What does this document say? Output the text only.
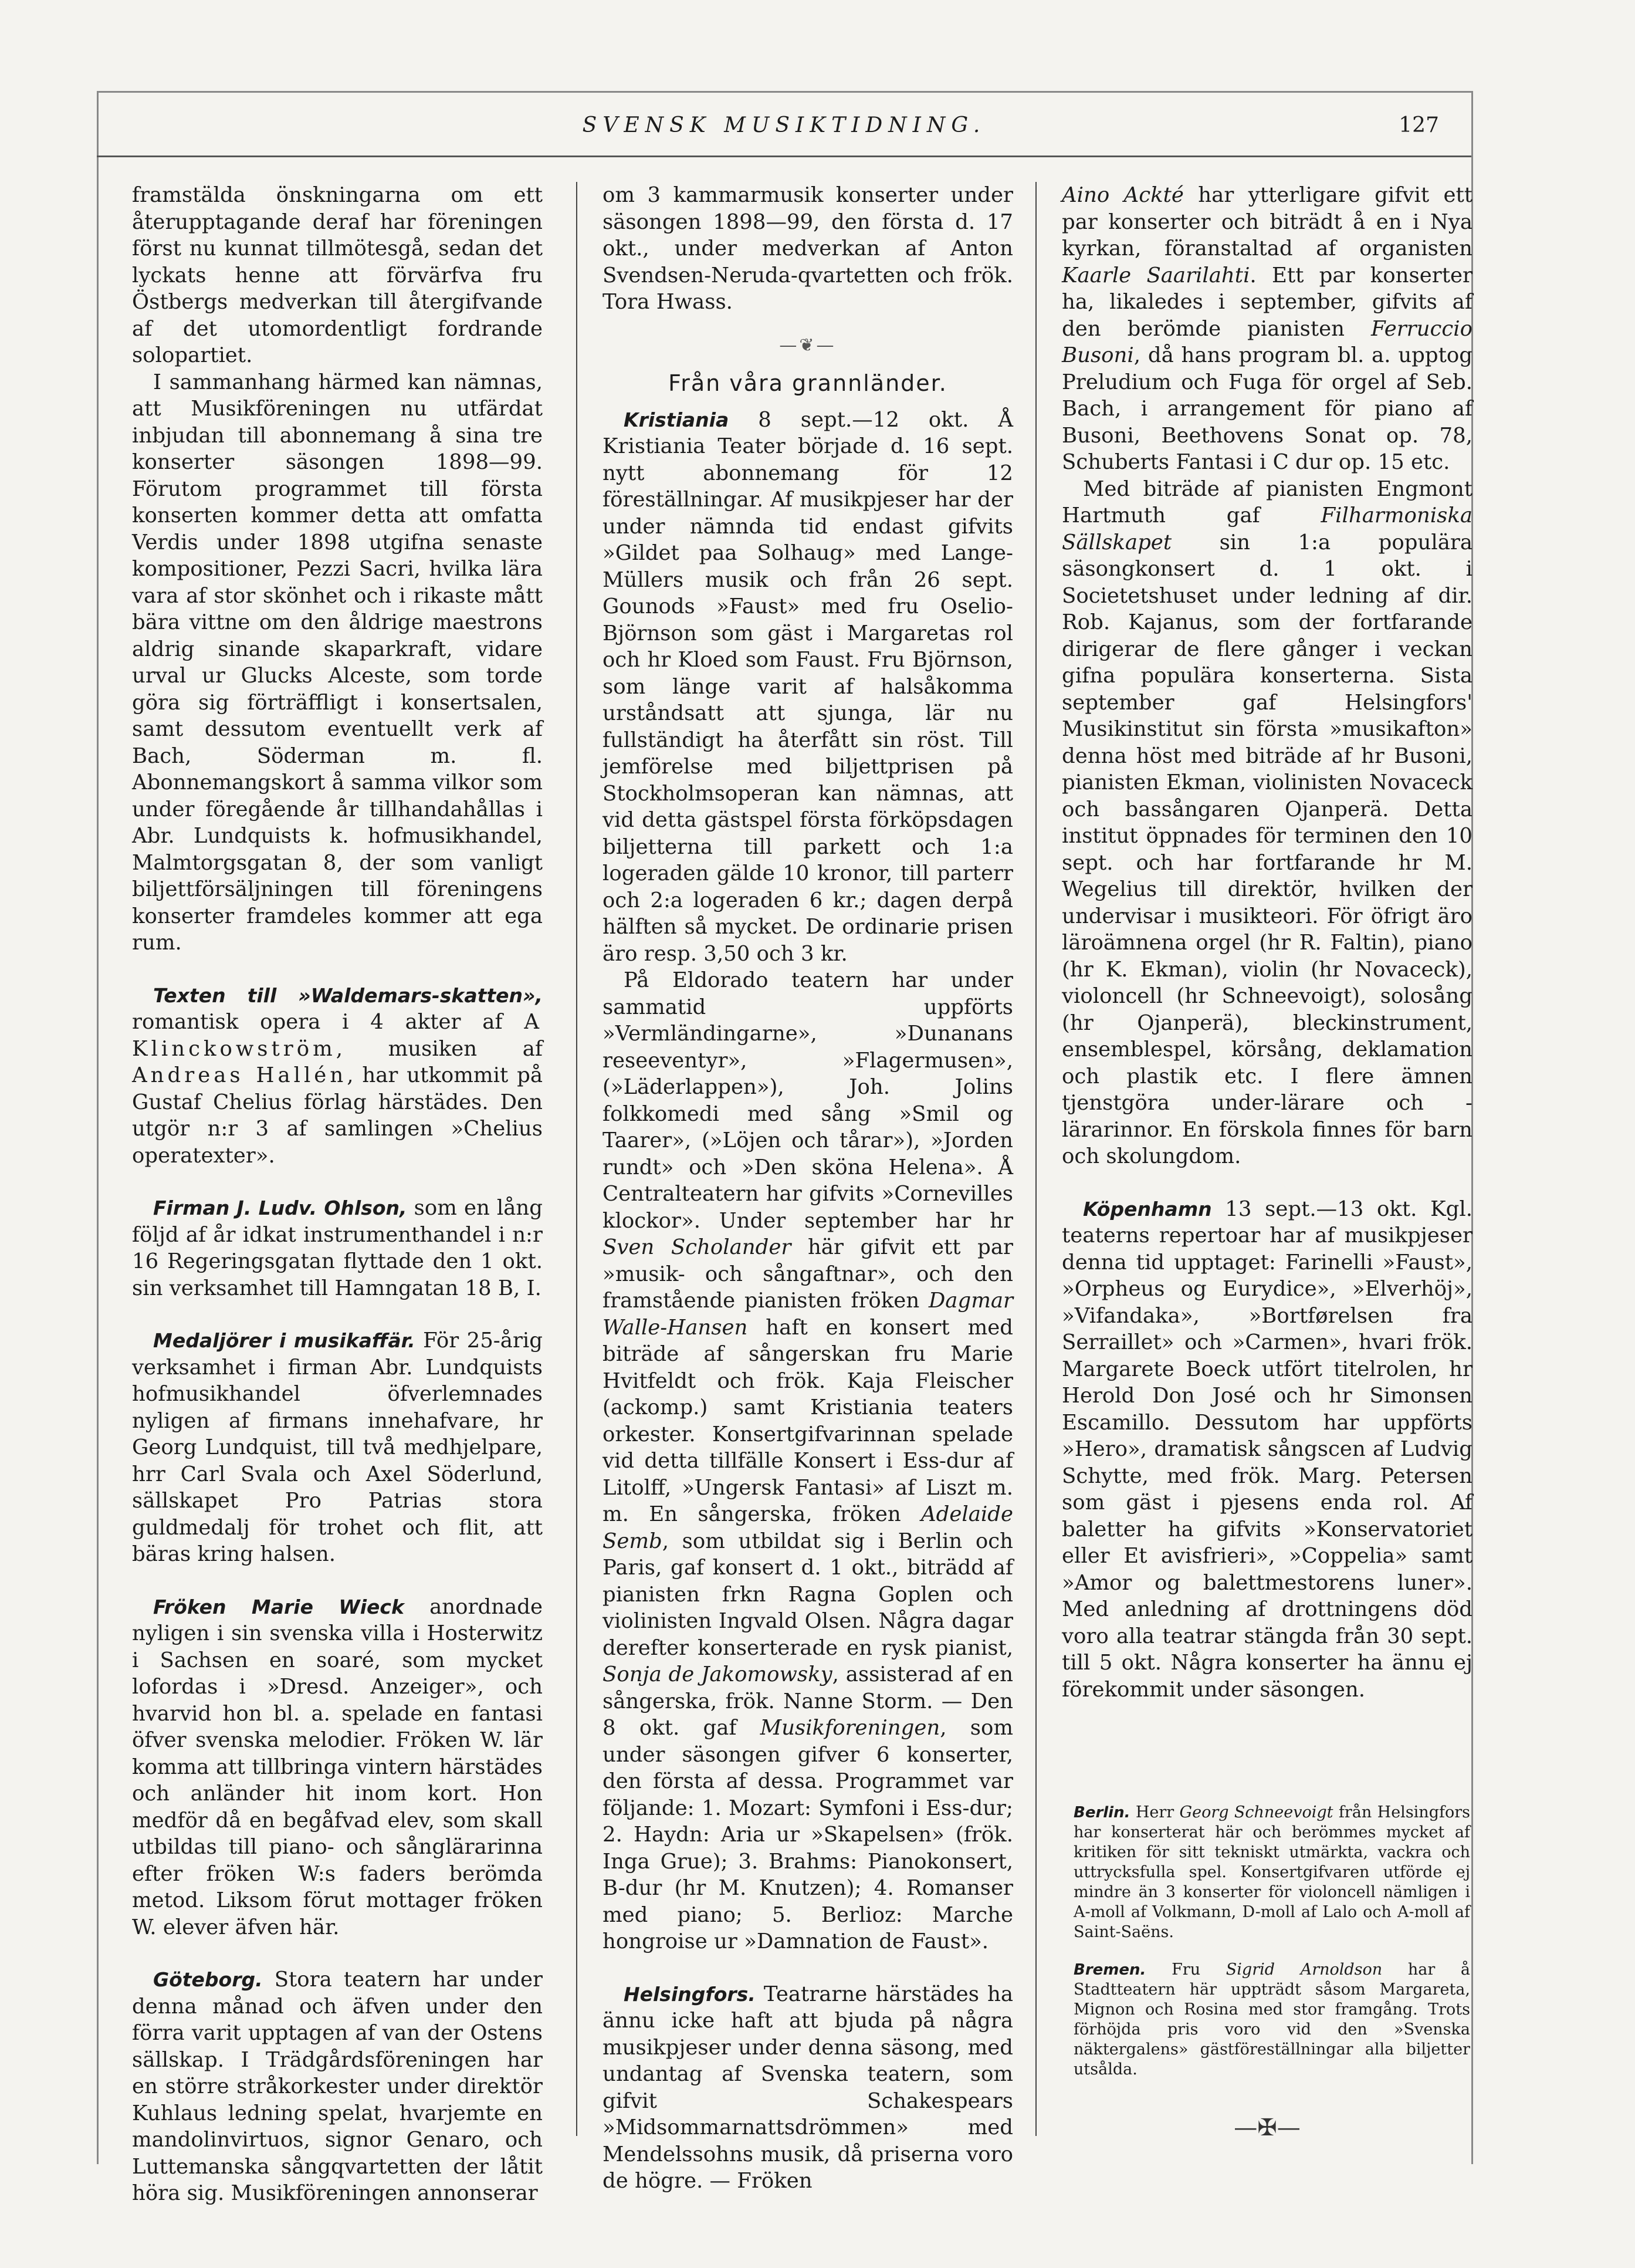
SVENSK MUSIKTIDNING.	127

framstälda önskningarna om ett återupptagande deraf har föreningen först nu kunnat tillmötesgå, sedan det lyckats henne att förvärfva fru Östbergs medverkan till återgifvande af det utomordentligt fordrande solopartiet.

I sammanhang härmed kan nämnas, att Musikföreningen nu utfärdat inbjudan till abonnemang å sina tre konserter säsongen 1898—99. Förutom programmet till första konserten kommer detta att omfatta Verdis under 1898 utgifna senaste kompositioner, Pezzi Sacri, hvilka lära vara af stor skönhet och i rikaste mått bära vittne om den åldrige maestrons aldrig sinande skaparkraft, vidare urval ur Glucks Alceste, som torde göra sig förträffligt i konsertsalen, samt dessutom eventuellt verk af Bach, Söderman m. fl. Abonnemangskort å samma vilkor som under föregående år tillhandahållas i Abr. Lundquists k. hofmusikhandel, Malmtorgsgatan 8, der som vanligt biljettförsäljningen till föreningens konserter framdeles kommer att ega rum.

Texten till »Waldemars-skatten», romantisk opera i 4 akter af A Klinckowström, musiken af Andreas Hallén, har utkommit på Gustaf Chelius förlag härstädes. Den utgör n:r 3 af samlingen »Chelius operatexter».

Firman J. Ludv. Ohlson, som en lång följd af år idkat instrumenthandel i n:r 16 Regeringsgatan flyttade den 1 okt. sin verksamhet till Hamngatan 18 B, I.

Medaljörer i musikaffär. För 25-årig verksamhet i firman Abr. Lundquists hofmusikhandel öfverlemnades nyligen af firmans innehafvare, hr Georg Lundquist, till två medhjelpare, hrr Carl Svala och Axel Söderlund, sällskapet Pro Patrias stora guldmedalj för trohet och flit, att bäras kring halsen.

Fröken Marie Wieck anordnade nyligen i sin svenska villa i Hosterwitz i Sachsen en soaré, som mycket lofordas i »Dresd. Anzeiger», och hvarvid hon bl. a. spelade en fantasi öfver svenska melodier. Fröken W. lär komma att tillbringa vintern härstädes och anländer hit inom kort. Hon medför då en begåfvad elev, som skall utbildas till piano- och sånglärarinna efter fröken W:s faders berömda metod. Liksom förut mottager fröken W. elever äfven här.

Göteborg. Stora teatern har under denna månad och äfven under den förra varit upptagen af van der Ostens sällskap. I Trädgårdsföreningen har en större stråkorkester under direktör Kuhlaus ledning spelat, hvarjemte en mandolinvirtuos, signor Genaro, och Luttemanska sångqvartetten der låtit höra sig. Musikföreningen annonserar

om 3 kammarmusik konserter under säsongen 1898—99, den första d. 17 okt., under medverkan af Anton Svendsen-Neruda-qvartetten och frök. Tora Hwass.

—❦—
Från våra grannländer.

Kristiania 8 sept.—12 okt. Å Kristiania Teater började d. 16 sept. nytt abonnemang för 12 föreställningar. Af musikpjeser har der under nämnda tid endast gifvits »Gildet paa Solhaug» med Lange-Müllers musik och från 26 sept. Gounods »Faust» med fru Oselio-Björnson som gäst i Margaretas rol och hr Kloed som Faust. Fru Björnson, som länge varit af halsåkomma urståndsatt att sjunga, lär nu fullständigt ha återfått sin röst. Till jemförelse med biljettprisen på Stockholmsoperan kan nämnas, att vid detta gästspel första förköpsdagen biljetterna till parkett och 1:a logeraden gälde 10 kronor, till parterr och 2:a logeraden 6 kr.; dagen derpå hälften så mycket. De ordinarie prisen äro resp. 3,50 och 3 kr.

På Eldorado teatern har under sammatid uppförts »Vermländingarne», »Dunanans reseeventyr», »Flagermusen», (»Läderlappen»), Joh. Jolins folkkomedi med sång »Smil og Taarer», (»Löjen och tårar»), »Jorden rundt» och »Den sköna Helena». Å Centralteatern har gifvits »Cornevilles klockor». Under september har hr Sven Scholander här gifvit ett par »musik- och sångaftnar», och den framstående pianisten fröken Dagmar Walle-Hansen haft en konsert med biträde af sångerskan fru Marie Hvitfeldt och frök. Kaja Fleischer (ackomp.) samt Kristiania teaters orkester. Konsertgifvarinnan spelade vid detta tillfälle Konsert i Ess-dur af Litolff, »Ungersk Fantasi» af Liszt m. m. En sångerska, fröken Adelaide Semb, som utbildat sig i Berlin och Paris, gaf konsert d. 1 okt., biträdd af pianisten frkn Ragna Goplen och violinisten Ingvald Olsen. Några dagar derefter konserterade en rysk pianist, Sonja de Jakomowsky, assisterad af en sångerska, frök. Nanne Storm. — Den 8 okt. gaf Musikforeningen, som under säsongen gifver 6 konserter, den första af dessa. Programmet var följande: 1. Mozart: Symfoni i Ess-dur; 2. Haydn: Aria ur »Skapelsen» (frök. Inga Grue); 3. Brahms: Pianokonsert, B-dur (hr M. Knutzen); 4. Romanser med piano; 5. Berlioz: Marche hongroise ur »Damnation de Faust».

Helsingfors. Teatrarne härstädes ha ännu icke haft att bjuda på några musikpjeser under denna säsong, med undantag af Svenska teatern, som gifvit Schakespears »Midsommarnattsdrömmen» med Mendelssohns musik, då priserna voro de högre. — Fröken

Aino Ackté har ytterligare gifvit ett par konserter och biträdt å en i Nya kyrkan, föranstaltad af organisten Kaarle Saarilahti. Ett par konserter ha, likaledes i september, gifvits af den berömde pianisten Ferruccio Busoni, då hans program bl. a. upptog Preludium och Fuga för orgel af Seb. Bach, i arrangement för piano af Busoni, Beethovens Sonat op. 78, Schuberts Fantasi i C dur op. 15 etc.

Med biträde af pianisten Engmont Hartmuth gaf Filharmoniska Sällskapet sin 1:a populära säsongkonsert d. 1 okt. i Societetshuset under ledning af dir. Rob. Kajanus, som der fortfarande dirigerar de flere gånger i veckan gifna populära konserterna. Sista september gaf Helsingfors' Musikinstitut sin första »musikafton» denna höst med biträde af hr Busoni, pianisten Ekman, violinisten Novaceck och bassångaren Ojanperä. Detta institut öppnades för terminen den 10 sept. och har fortfarande hr M. Wegelius till direktör, hvilken der undervisar i musikteori. För öfrigt äro läroämnena orgel (hr R. Faltin), piano (hr K. Ekman), violin (hr Novaceck), violoncell (hr Schneevoigt), solosång (hr Ojanperä), bleckinstrument, ensemblespel, körsång, deklamation och plastik etc. I flere ämnen tjenstgöra under-lärare och -lärarinnor. En förskola finnes för barn och skolungdom.

Köpenhamn 13 sept.—13 okt. Kgl. teaterns repertoar har af musikpjeser denna tid upptaget: Farinelli »Faust», »Orpheus og Eurydice», »Elverhöj», »Vifandaka», »Bortførelsen fra Serraillet» och »Carmen», hvari frök. Margarete Boeck utfört titelrolen, hr Herold Don José och hr Simonsen Escamillo. Dessutom har uppförts »Hero», dramatisk sångscen af Ludvig Schytte, med frök. Marg. Petersen som gäst i pjesens enda rol. Af baletter ha gifvits »Konservatoriet eller Et avisfrieri», »Coppelia» samt »Amor og balettmestorens luner». Med anledning af drottningens död voro alla teatrar stängda från 30 sept. till 5 okt. Några konserter ha ännu ej förekommit under säsongen.

Berlin. Herr Georg Schneevoigt från Helsingfors har konserterat här och berömmes mycket af kritiken för sitt tekniskt utmärkta, vackra och uttrycksfulla spel. Konsertgifvaren utförde ej mindre än 3 konserter för violoncell nämligen i A-moll af Volkmann, D-moll af Lalo och A-moll af Saint-Saëns.

Bremen. Fru Sigrid Arnoldson har å Stadtteatern här uppträdt såsom Margareta, Mignon och Rosina med stor framgång. Trots förhöjda pris voro vid den »Svenska näktergalens» gästföreställningar alla biljetter utsålda.

—✠—
